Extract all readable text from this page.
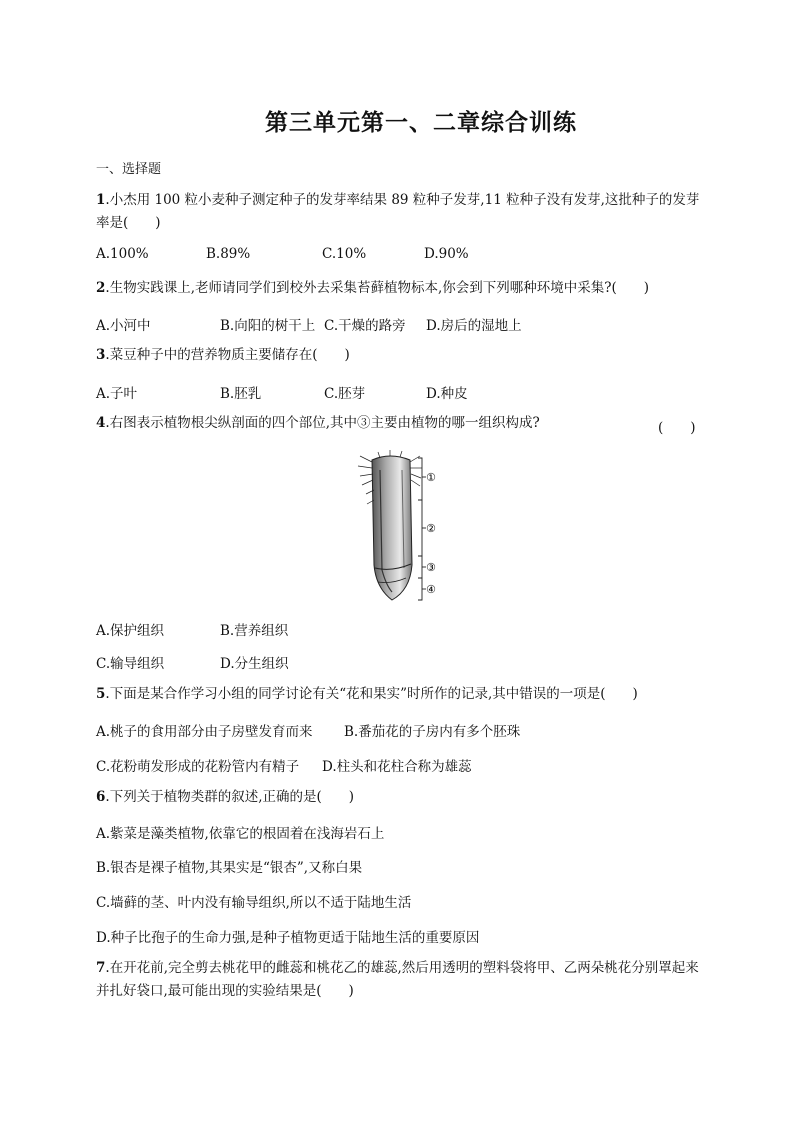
第三单元第一、二章综合训练
一、选择题
1.小杰用 100 粒小麦种子测定种子的发芽率结果 89 粒种子发芽,11 粒种子没有发芽,这批种子的发芽率是(　　)
A.100%	B.89%	C.10%	D.90%
2.生物实践课上,老师请同学们到校外去采集苔藓植物标本,你会到下列哪种环境中采集?(　　)
A.小河中	B.向阳的树干上 C.干燥的路旁 D.房后的湿地上
3.菜豆种子中的营养物质主要储存在(　　)
A.子叶	B.胚乳	C.胚芽	D.种皮
4.右图表示植物根尖纵剖面的四个部位,其中③主要由植物的哪一组织构成?	(　　)
①
②
③
④
A.保护组织	B.营养组织
C.输导组织	D.分生组织
5.下面是某合作学习小组的同学讨论有关“花和果实”时所作的记录,其中错误的一项是(　　)
A.桃子的食用部分由子房壁发育而来 B.番茄花的子房内有多个胚珠
C.花粉萌发形成的花粉管内有精子 D.柱头和花柱合称为雄蕊
6.下列关于植物类群的叙述,正确的是(　　)
A.紫菜是藻类植物,依靠它的根固着在浅海岩石上
B.银杏是裸子植物,其果实是“银杏”,又称白果
C.墙藓的茎、叶内没有输导组织,所以不适于陆地生活
D.种子比孢子的生命力强,是种子植物更适于陆地生活的重要原因
7.在开花前,完全剪去桃花甲的雌蕊和桃花乙的雄蕊,然后用透明的塑料袋将甲、乙两朵桃花分别罩起来并扎好袋口,最可能出现的实验结果是(　　)
